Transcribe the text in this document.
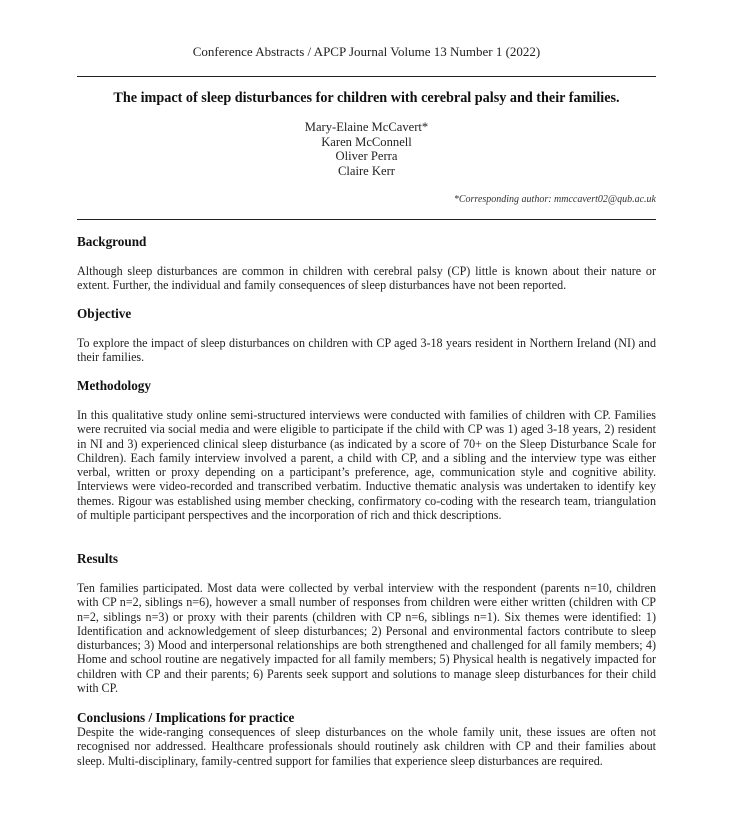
Conference Abstracts / APCP Journal Volume 13 Number 1 (2022)
The impact of sleep disturbances for children with cerebral palsy and their families.
Mary-Elaine McCavert*
Karen McConnell
Oliver Perra
Claire Kerr
*Corresponding author: mmccavert02@qub.ac.uk
Background
Although sleep disturbances are common in children with cerebral palsy (CP) little is known about their nature or extent. Further, the individual and family consequences of sleep disturbances have not been reported.
Objective
To explore the impact of sleep disturbances on children with CP aged 3-18 years resident in Northern Ireland (NI) and their families.
Methodology
In this qualitative study online semi-structured interviews were conducted with families of children with CP. Families were recruited via social media and were eligible to participate if the child with CP was 1) aged 3-18 years, 2) resident in NI and 3) experienced clinical sleep disturbance (as indicated by a score of 70+ on the Sleep Disturbance Scale for Children). Each family interview involved a parent, a child with CP, and a sibling and the interview type was either verbal, written or proxy depending on a participant’s preference, age, communication style and cognitive ability. Interviews were video-recorded and transcribed verbatim. Inductive thematic analysis was undertaken to identify key themes. Rigour was established using member checking, confirmatory co-coding with the research team, triangulation of multiple participant perspectives and the incorporation of rich and thick descriptions.
Results
Ten families participated. Most data were collected by verbal interview with the respondent (parents n=10, children with CP n=2, siblings n=6), however a small number of responses from children were either written (children with CP n=2, siblings n=3) or proxy with their parents (children with CP n=6, siblings n=1). Six themes were identified: 1) Identification and acknowledgement of sleep disturbances; 2) Personal and environmental factors contribute to sleep disturbances; 3) Mood and interpersonal relationships are both strengthened and challenged for all family members; 4) Home and school routine are negatively impacted for all family members; 5) Physical health is negatively impacted for children with CP and their parents; 6) Parents seek support and solutions to manage sleep disturbances for their child with CP.
Conclusions / Implications for practice
Despite the wide-ranging consequences of sleep disturbances on the whole family unit, these issues are often not recognised nor addressed. Healthcare professionals should routinely ask children with CP and their families about sleep. Multi-disciplinary, family-centred support for families that experience sleep disturbances are required.
